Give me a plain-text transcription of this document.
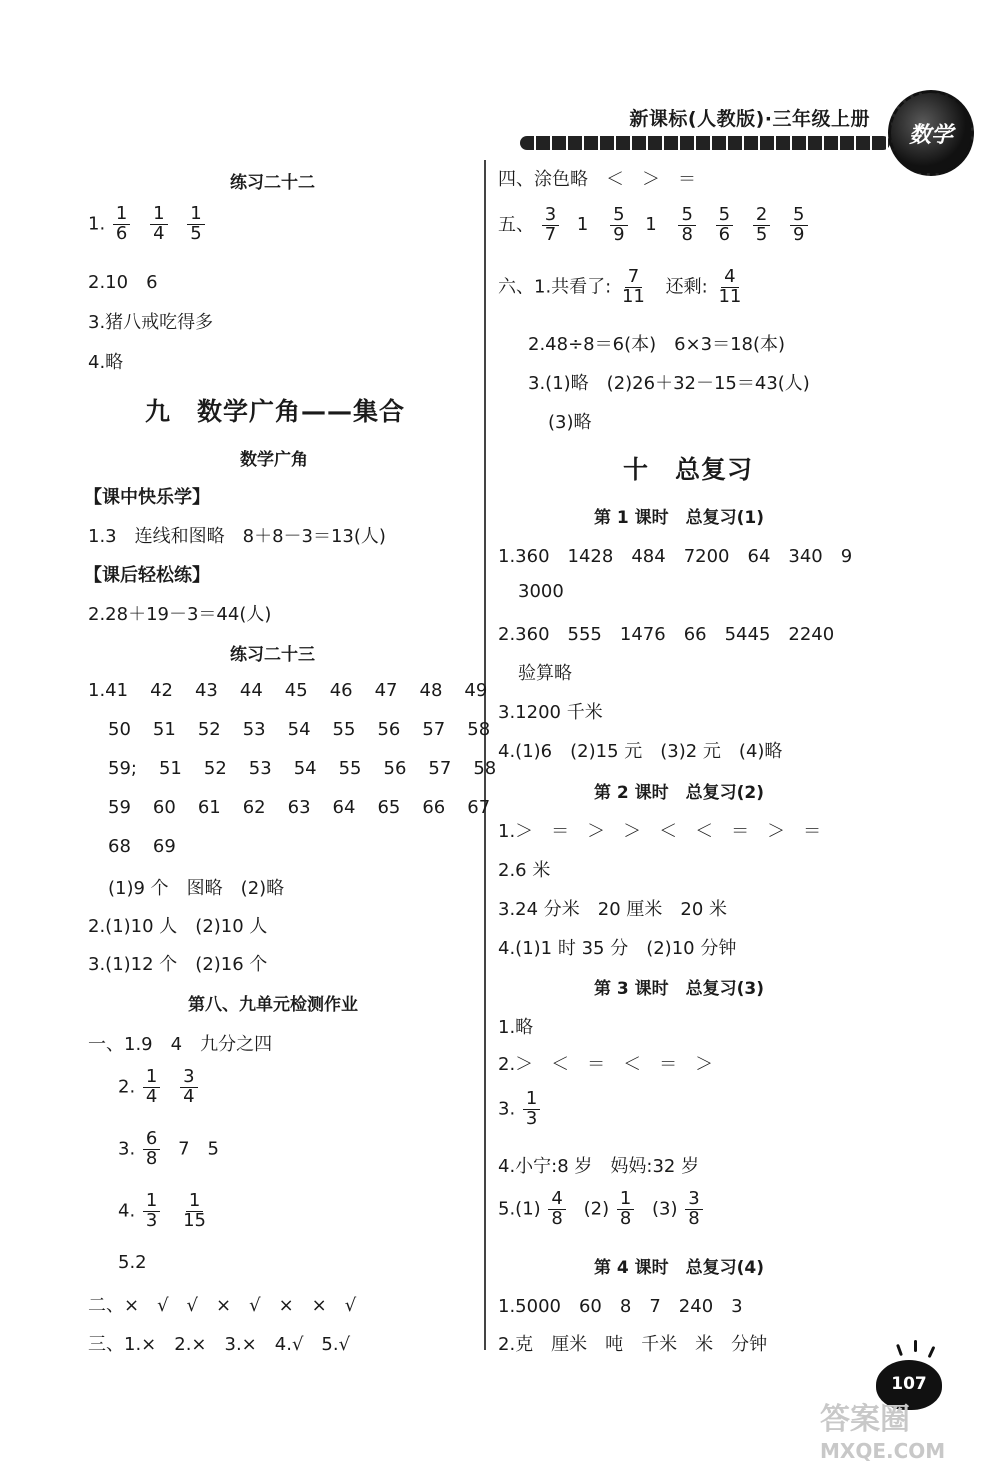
新课标(人教版)·三年级上册
数学
练习二十二
1. $\frac{1}{6}$
$\frac{1}{4}$
$\frac{1}{5}$
2.10　6
3.猪八戒吃得多
4.略
九　数学广角——集合
数学广角
【课中快乐学】
1.3　连线和图略　8＋8－3＝13(人)
【课后轻松练】
2.28＋19－3＝44(人)
练习二十三
1.41 42 43 44 45 46 47 48 49
50 51 52 53 54 55 56 57 58
59; 51 52 53 54 55 56 57 58
59 60 61 62 63 64 65 66 67
68 69
(1)9 个　图略　(2)略
2.(1)10 人　(2)10 人
3.(1)12 个　(2)16 个
第八、九单元检测作业
一、1.9　4　九分之四
2. $\frac{1}{4}$
$\frac{3}{4}$
3. $\frac{6}{8} 7$　5
4. $\frac{1}{3}$
$\frac{1}{15}$
5.2
二、×　√　√　×　√　×　×　√
三、1.×　2.×　3.×　4.√　5.√
四、涂色略　＜　＞　＝
五、 $\frac{3}{7} 1 \frac{5}{9} 1 \frac{5}{8}$
$\frac{5}{6}$
$\frac{2}{5}$
$\frac{5}{9}$
六、1.共看了: $\frac{7}{11}$ 还剩: $\frac{4}{11}$
2.48÷8＝6(本)　6×3＝18(本)
3.(1)略　(2)26＋32－15＝43(人)
(3)略
十　总复习
第 1 课时　总复习(1)
1.360　1428　484　7200　64　340　9
3000
2.360　555　1476　66　5445　2240
验算略
3.1200 千米
4.(1)6　(2)15 元　(3)2 元　(4)略
第 2 课时　总复习(2)
1.＞　＝　＞　＞　＜　＜　＝　＞　＝
2.6 米
3.24 分米　20 厘米　20 米
4.(1)1 时 35 分　(2)10 分钟
第 3 课时　总复习(3)
1.略
2.＞　＜　＝　＜　＝　＞
3. $\frac{1}{3}$
4.小宁:8 岁　妈妈:32 岁
$5.(1) \frac{4}{8} (2) \frac{1}{8} (3) \frac{3}{8}$
第 4 课时　总复习(4)
1.5000　60　8　7　240　3
2.克　厘米　吨　千米　米　分钟
107
答案圈
MXQE.COM
